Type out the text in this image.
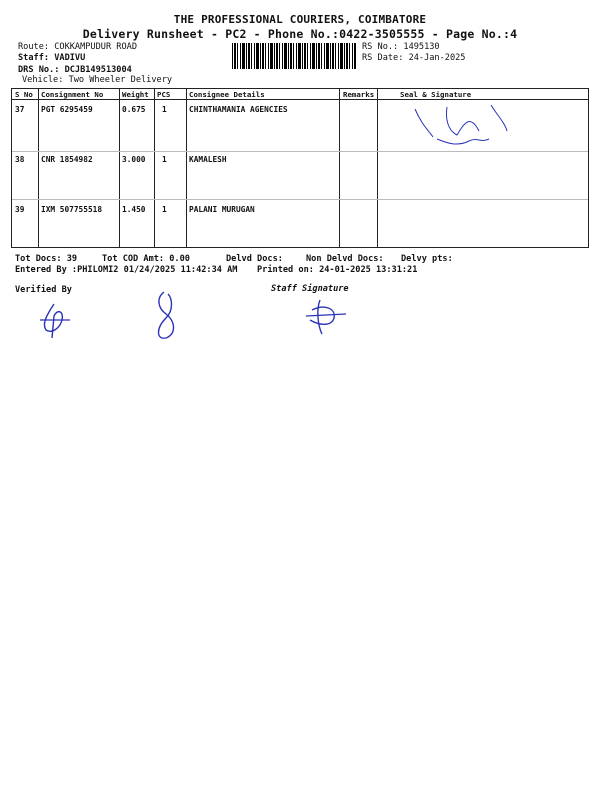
THE PROFESSIONAL COURIERS, COIMBATORE
Delivery Runsheet - PC2 - Phone No.:0422-3505555 - Page No.:4
Route: COKKAMPUDUR ROAD
Staff: VADIVU
DRS No.: DCJB149513004
Vehicle: Two Wheeler Delivery
RS No.: 1495130
RS Date: 24-Jan-2025
S No Consignment No	Weight PCS	Consignee Details	Remarks	Seal & Signature
37 PGT 6295459	0.675 1	CHINTHAMANIA AGENCIES
38 CNR 1854982	3.000 1	KAMALESH
39 IXM 507755518	1.450 1	PALANI MURUGAN
Chinthamani Agencies
S.Chiwa 7373550169
Ruloi
8838165682
Tot Docs: 39	Tot COD Amt: 0.00	Delvd Docs:	Non Delvd Docs: Delvy pts:
Entered By :PHILOMI2 01/24/2025 11:42:34 AM Printed on: 24-01-2025 13:31:21
Verified By	Staff Signature
